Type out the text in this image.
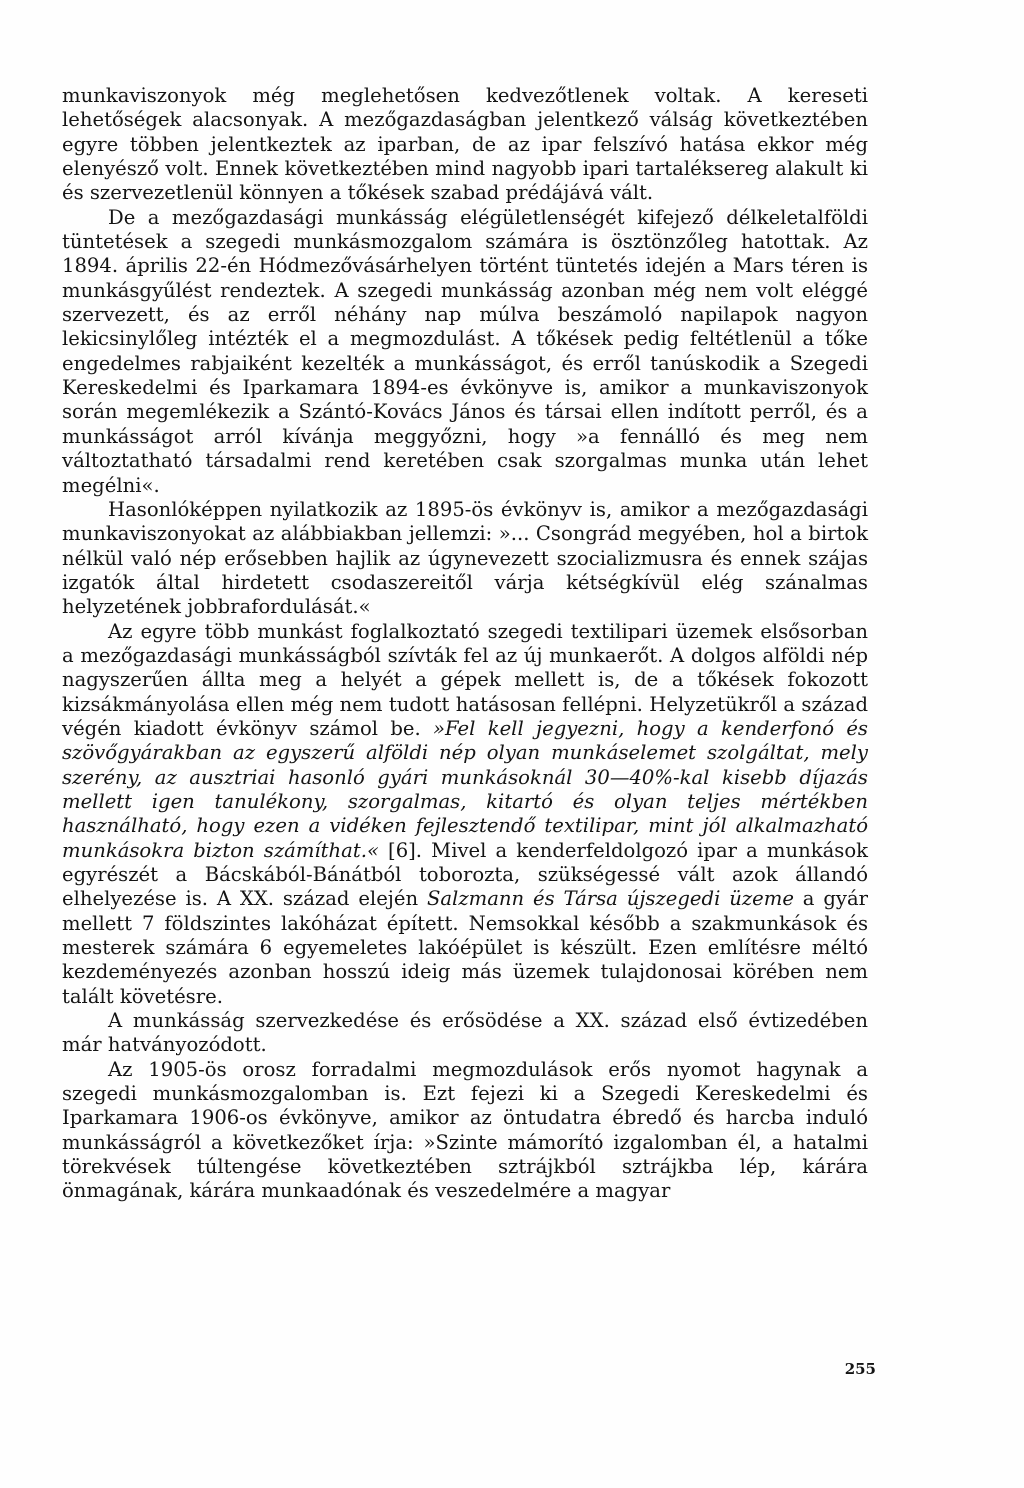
munkaviszonyok még meglehetősen kedvezőtlenek voltak. A kereseti lehetőségek alacsonyak. A mezőgazdaságban jelentkező válság következtében egyre többen jelentkeztek az iparban, de az ipar felszívó hatása ekkor még elenyésző volt. Ennek következtében mind nagyobb ipari tartaléksereg alakult ki és szervezetlenül könnyen a tőkések szabad prédájává vált.

De a mezőgazdasági munkásság elégületlenségét kifejező délkeletalföldi tüntetések a szegedi munkásmozgalom számára is ösztönzőleg hatottak. Az 1894. április 22-én Hódmezővásárhelyen történt tüntetés idején a Mars téren is munkásgyűlést rendeztek. A szegedi munkásság azonban még nem volt eléggé szervezett, és az erről néhány nap múlva beszámoló napilapok nagyon lekicsinylőleg intézték el a megmozdulást. A tőkések pedig feltétlenül a tőke engedelmes rabjaiként kezelték a munkásságot, és erről tanúskodik a Szegedi Kereskedelmi és Iparkamara 1894-es évkönyve is, amikor a munkaviszonyok során megemlékezik a Szántó-Kovács János és társai ellen indított perről, és a munkásságot arról kívánja meggyőzni, hogy »a fennálló és meg nem változtatható társadalmi rend keretében csak szorgalmas munka után lehet megélni«.

Hasonlóképpen nyilatkozik az 1895-ös évkönyv is, amikor a mezőgazdasági munkaviszonyokat az alábbiakban jellemzi: »... Csongrád megyében, hol a birtok nélkül való nép erősebben hajlik az úgynevezett szocializmusra és ennek szájas izgatók által hirdetett csodaszereitől várja kétségkívül elég szánalmas helyzetének jobbrafordulását.«

Az egyre több munkást foglalkoztató szegedi textilipari üzemek elsősorban a mezőgazdasági munkásságból szívták fel az új munkaerőt. A dolgos alföldi nép nagyszerűen állta meg a helyét a gépek mellett is, de a tőkések fokozott kizsákmányolása ellen még nem tudott hatásosan fellépni. Helyzetükről a század végén kiadott évkönyv számol be. »Fel kell jegyezni, hogy a kenderfonó és szövőgyárakban az egyszerű alföldi nép olyan munkáselemet szolgáltat, mely szerény, az ausztriai hasonló gyári munkásoknál 30—40%-kal kisebb díjazás mellett igen tanulékony, szorgalmas, kitartó és olyan teljes mértékben használható, hogy ezen a vidéken fejlesztendő textilipar, mint jól alkalmazható munkásokra bizton számíthat.« [6]. Mivel a kenderfeldolgozó ipar a munkások egyrészét a Bácskából-Bánátból toborozta, szükségessé vált azok állandó elhelyezése is. A XX. század elején Salzmann és Társa újszegedi üzeme a gyár mellett 7 földszintes lakóházat épített. Nemsokkal később a szakmunkások és mesterek számára 6 egyemeletes lakóépület is készült. Ezen említésre méltó kezdeményezés azonban hosszú ideig más üzemek tulajdonosai körében nem talált követésre.

A munkásság szervezkedése és erősödése a XX. század első évtizedében már hatványozódott.

Az 1905-ös orosz forradalmi megmozdulások erős nyomot hagynak a szegedi munkásmozgalomban is. Ezt fejezi ki a Szegedi Kereskedelmi és Iparkamara 1906-os évkönyve, amikor az öntudatra ébredő és harcba induló munkásságról a következőket írja: »Szinte mámorító izgalomban él, a hatalmi törekvések túltengése következtében sztrájkból sztrájkba lép, kárára önmagának, kárára munkaadónak és veszedelmére a magyar

255
